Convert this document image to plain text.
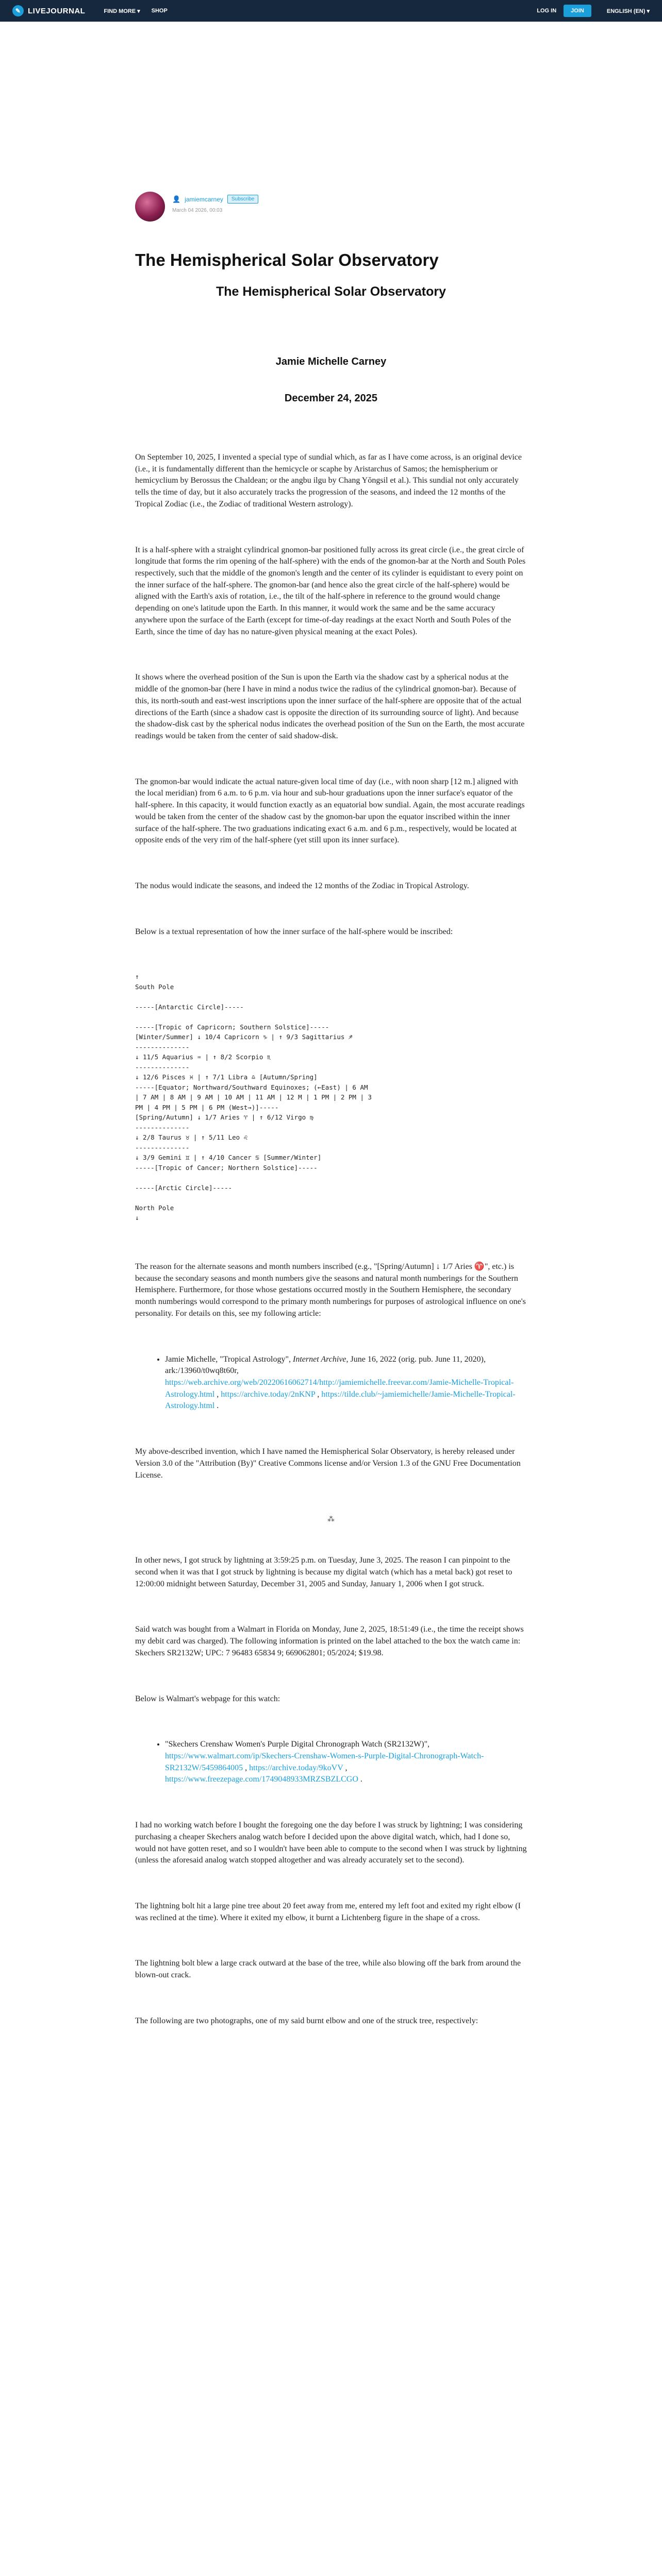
✎ LIVEJOURNAL	FIND MORE ▾ SHOP	LOG IN	JOIN	ENGLISH (EN) ▾
👤 jamiemcarney	Subscribe
March 04 2026, 00:03
The Hemispherical Solar Observatory
The Hemispherical Solar Observatory
Jamie Michelle Carney
December 24, 2025

On September 10, 2025, I invented a special type of sundial which, as far as I have come across, is an original device (i.e., it is fundamentally different than the hemicycle or scaphe by Aristarchus of Samos; the hemispherium or hemicyclium by Berossus the Chaldean; or the angbu ilgu by Chang Yŏngsil et al.). This sundial not only accurately tells the time of day, but it also accurately tracks the progression of the seasons, and indeed the 12 months of the Tropical Zodiac (i.e., the Zodiac of traditional Western astrology).

It is a half-sphere with a straight cylindrical gnomon-bar positioned fully across its great circle (i.e., the great circle of longitude that forms the rim opening of the half-sphere) with the ends of the gnomon-bar at the North and South Poles respectively, such that the middle of the gnomon's length and the center of its cylinder is equidistant to every point on the inner surface of the half-sphere. The gnomon-bar (and hence also the great circle of the half-sphere) would be aligned with the Earth's axis of rotation, i.e., the tilt of the half-sphere in reference to the ground would change depending on one's latitude upon the Earth. In this manner, it would work the same and be the same accuracy anywhere upon the surface of the Earth (except for time-of-day readings at the exact North and South Poles of the Earth, since the time of day has no nature-given physical meaning at the exact Poles).

It shows where the overhead position of the Sun is upon the Earth via the shadow cast by a spherical nodus at the middle of the gnomon-bar (here I have in mind a nodus twice the radius of the cylindrical gnomon-bar). Because of this, its north-south and east-west inscriptions upon the inner surface of the half-sphere are opposite that of the actual directions of the Earth (since a shadow cast is opposite the direction of its surrounding source of light). And because the shadow-disk cast by the spherical nodus indicates the overhead position of the Sun on the Earth, the most accurate readings would be taken from the center of said shadow-disk.

The gnomon-bar would indicate the actual nature-given local time of day (i.e., with noon sharp [12 m.] aligned with the local meridian) from 6 a.m. to 6 p.m. via hour and sub-hour graduations upon the inner surface's equator of the half-sphere. In this capacity, it would function exactly as an equatorial bow sundial. Again, the most accurate readings would be taken from the center of the shadow cast by the gnomon-bar upon the equator inscribed within the inner surface of the half-sphere. The two graduations indicating exact 6 a.m. and 6 p.m., respectively, would be located at opposite ends of the very rim of the half-sphere (yet still upon its inner surface).

The nodus would indicate the seasons, and indeed the 12 months of the Zodiac in Tropical Astrology.

Below is a textual representation of how the inner surface of the half-sphere would be inscribed:

↑
South Pole

-----[Antarctic Circle]-----

-----[Tropic of Capricorn; Southern Solstice]-----
[Winter/Summer] ↓ 10/4 Capricorn ♑ | ↑ 9/3 Sagittarius ♐
--------------
↓ 11/5 Aquarius ♒ | ↑ 8/2 Scorpio ♏
--------------
↓ 12/6 Pisces ♓ | ↑ 7/1 Libra ♎ [Autumn/Spring]
-----[Equator; Northward/Southward Equinoxes; (←East) | 6 AM
| 7 AM | 8 AM | 9 AM | 10 AM | 11 AM | 12 M | 1 PM | 2 PM | 3
PM | 4 PM | 5 PM | 6 PM (West→)]-----
[Spring/Autumn] ↓ 1/7 Aries ♈ | ↑ 6/12 Virgo ♍
--------------
↓ 2/8 Taurus ♉ | ↑ 5/11 Leo ♌
--------------
↓ 3/9 Gemini ♊ | ↑ 4/10 Cancer ♋ [Summer/Winter]
-----[Tropic of Cancer; Northern Solstice]-----

-----[Arctic Circle]-----

North Pole
↓

The reason for the alternate seasons and month numbers inscribed (e.g., "[Spring/Autumn] ↓ 1/7 Aries ♈", etc.) is because the secondary seasons and month numbers give the seasons and natural month numberings for the Southern Hemisphere. Furthermore, for those whose gestations occurred mostly in the Southern Hemisphere, the secondary month numberings would correspond to the primary month numberings for purposes of astrological influence on one's personality. For details on this, see my following article:

• Jamie Michelle, "Tropical Astrology", Internet Archive, June 16, 2022 (orig. pub. June 11, 2020), ark:/13960/t0wq8t60r, https://web.archive.org/web/20220616062714/http://jamiemichelle.freevar.com/Jamie-Michelle-Tropical-Astrology.html , https://archive.today/2nKNP , https://tilde.club/~jamiemichelle/Jamie-Michelle-Tropical-Astrology.html .

My above-described invention, which I have named the Hemispherical Solar Observatory, is hereby released under Version 3.0 of the "Attribution (By)" Creative Commons license and/or Version 1.3 of the GNU Free Documentation License.

⁂

In other news, I got struck by lightning at 3:59:25 p.m. on Tuesday, June 3, 2025. The reason I can pinpoint to the second when it was that I got struck by lightning is because my digital watch (which has a metal back) got reset to 12:00:00 midnight between Saturday, December 31, 2005 and Sunday, January 1, 2006 when I got struck.

Said watch was bought from a Walmart in Florida on Monday, June 2, 2025, 18:51:49 (i.e., the time the receipt shows my debit card was charged). The following information is printed on the label attached to the box the watch came in: Skechers SR2132W; UPC: 7 96483 65834 9; 669062801; 05/2024; $19.98.

Below is Walmart's webpage for this watch:

• "Skechers Crenshaw Women's Purple Digital Chronograph Watch (SR2132W)", https://www.walmart.com/ip/Skechers-Crenshaw-Women-s-Purple-Digital-Chronograph-Watch-SR2132W/5459864005 , https://archive.today/9koVV , https://www.freezepage.com/1749048933MRZSBZLCGO .

I had no working watch before I bought the foregoing one the day before I was struck by lightning; I was considering purchasing a cheaper Skechers analog watch before I decided upon the above digital watch, which, had I done so, would not have gotten reset, and so I wouldn't have been able to compute to the second when I was struck by lightning (unless the aforesaid analog watch stopped altogether and was already accurately set to the second).

The lightning bolt hit a large pine tree about 20 feet away from me, entered my left foot and exited my right elbow (I was reclined at the time). Where it exited my elbow, it burnt a Lichtenberg figure in the shape of a cross.

The lightning bolt blew a large crack outward at the base of the tree, while also blowing off the bark from around the blown-out crack.

The following are two photographs, one of my said burnt elbow and one of the struck tree, respectively:
